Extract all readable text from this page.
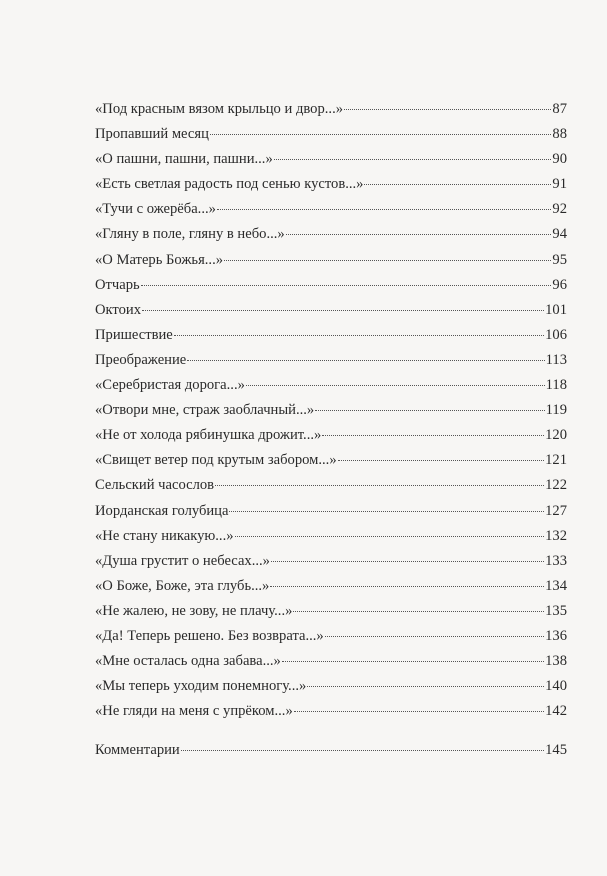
«Под красным вязом крыльцо и двор...»	87
Пропавший месяц	88
«О пашни, пашни, пашни...»	90
«Есть светлая радость под сенью кустов...»	91
«Тучи с ожерёба...»	92
«Гляну в поле, гляну в небо...»	94
«О Матерь Божья...»	95
Отчарь	96
Октоих	101
Пришествие	106
Преображение	113
«Серебристая дорога...»	118
«Отвори мне, страж заоблачный...»	119
«Не от холода рябинушка дрожит...»	120
«Свищет ветер под крутым забором...»	121
Сельский часослов	122
Иорданская голубица	127
«Не стану никакую...»	132
«Душа грустит о небесах...»	133
«О Боже, Боже, эта глубь...»	134
«Не жалею, не зову, не плачу...»	135
«Да! Теперь решено. Без возврата...»	136
«Мне осталась одна забава...»	138
«Мы теперь уходим понемногу...»	140
«Не гляди на меня с упрёком...»	142
Комментарии	145
